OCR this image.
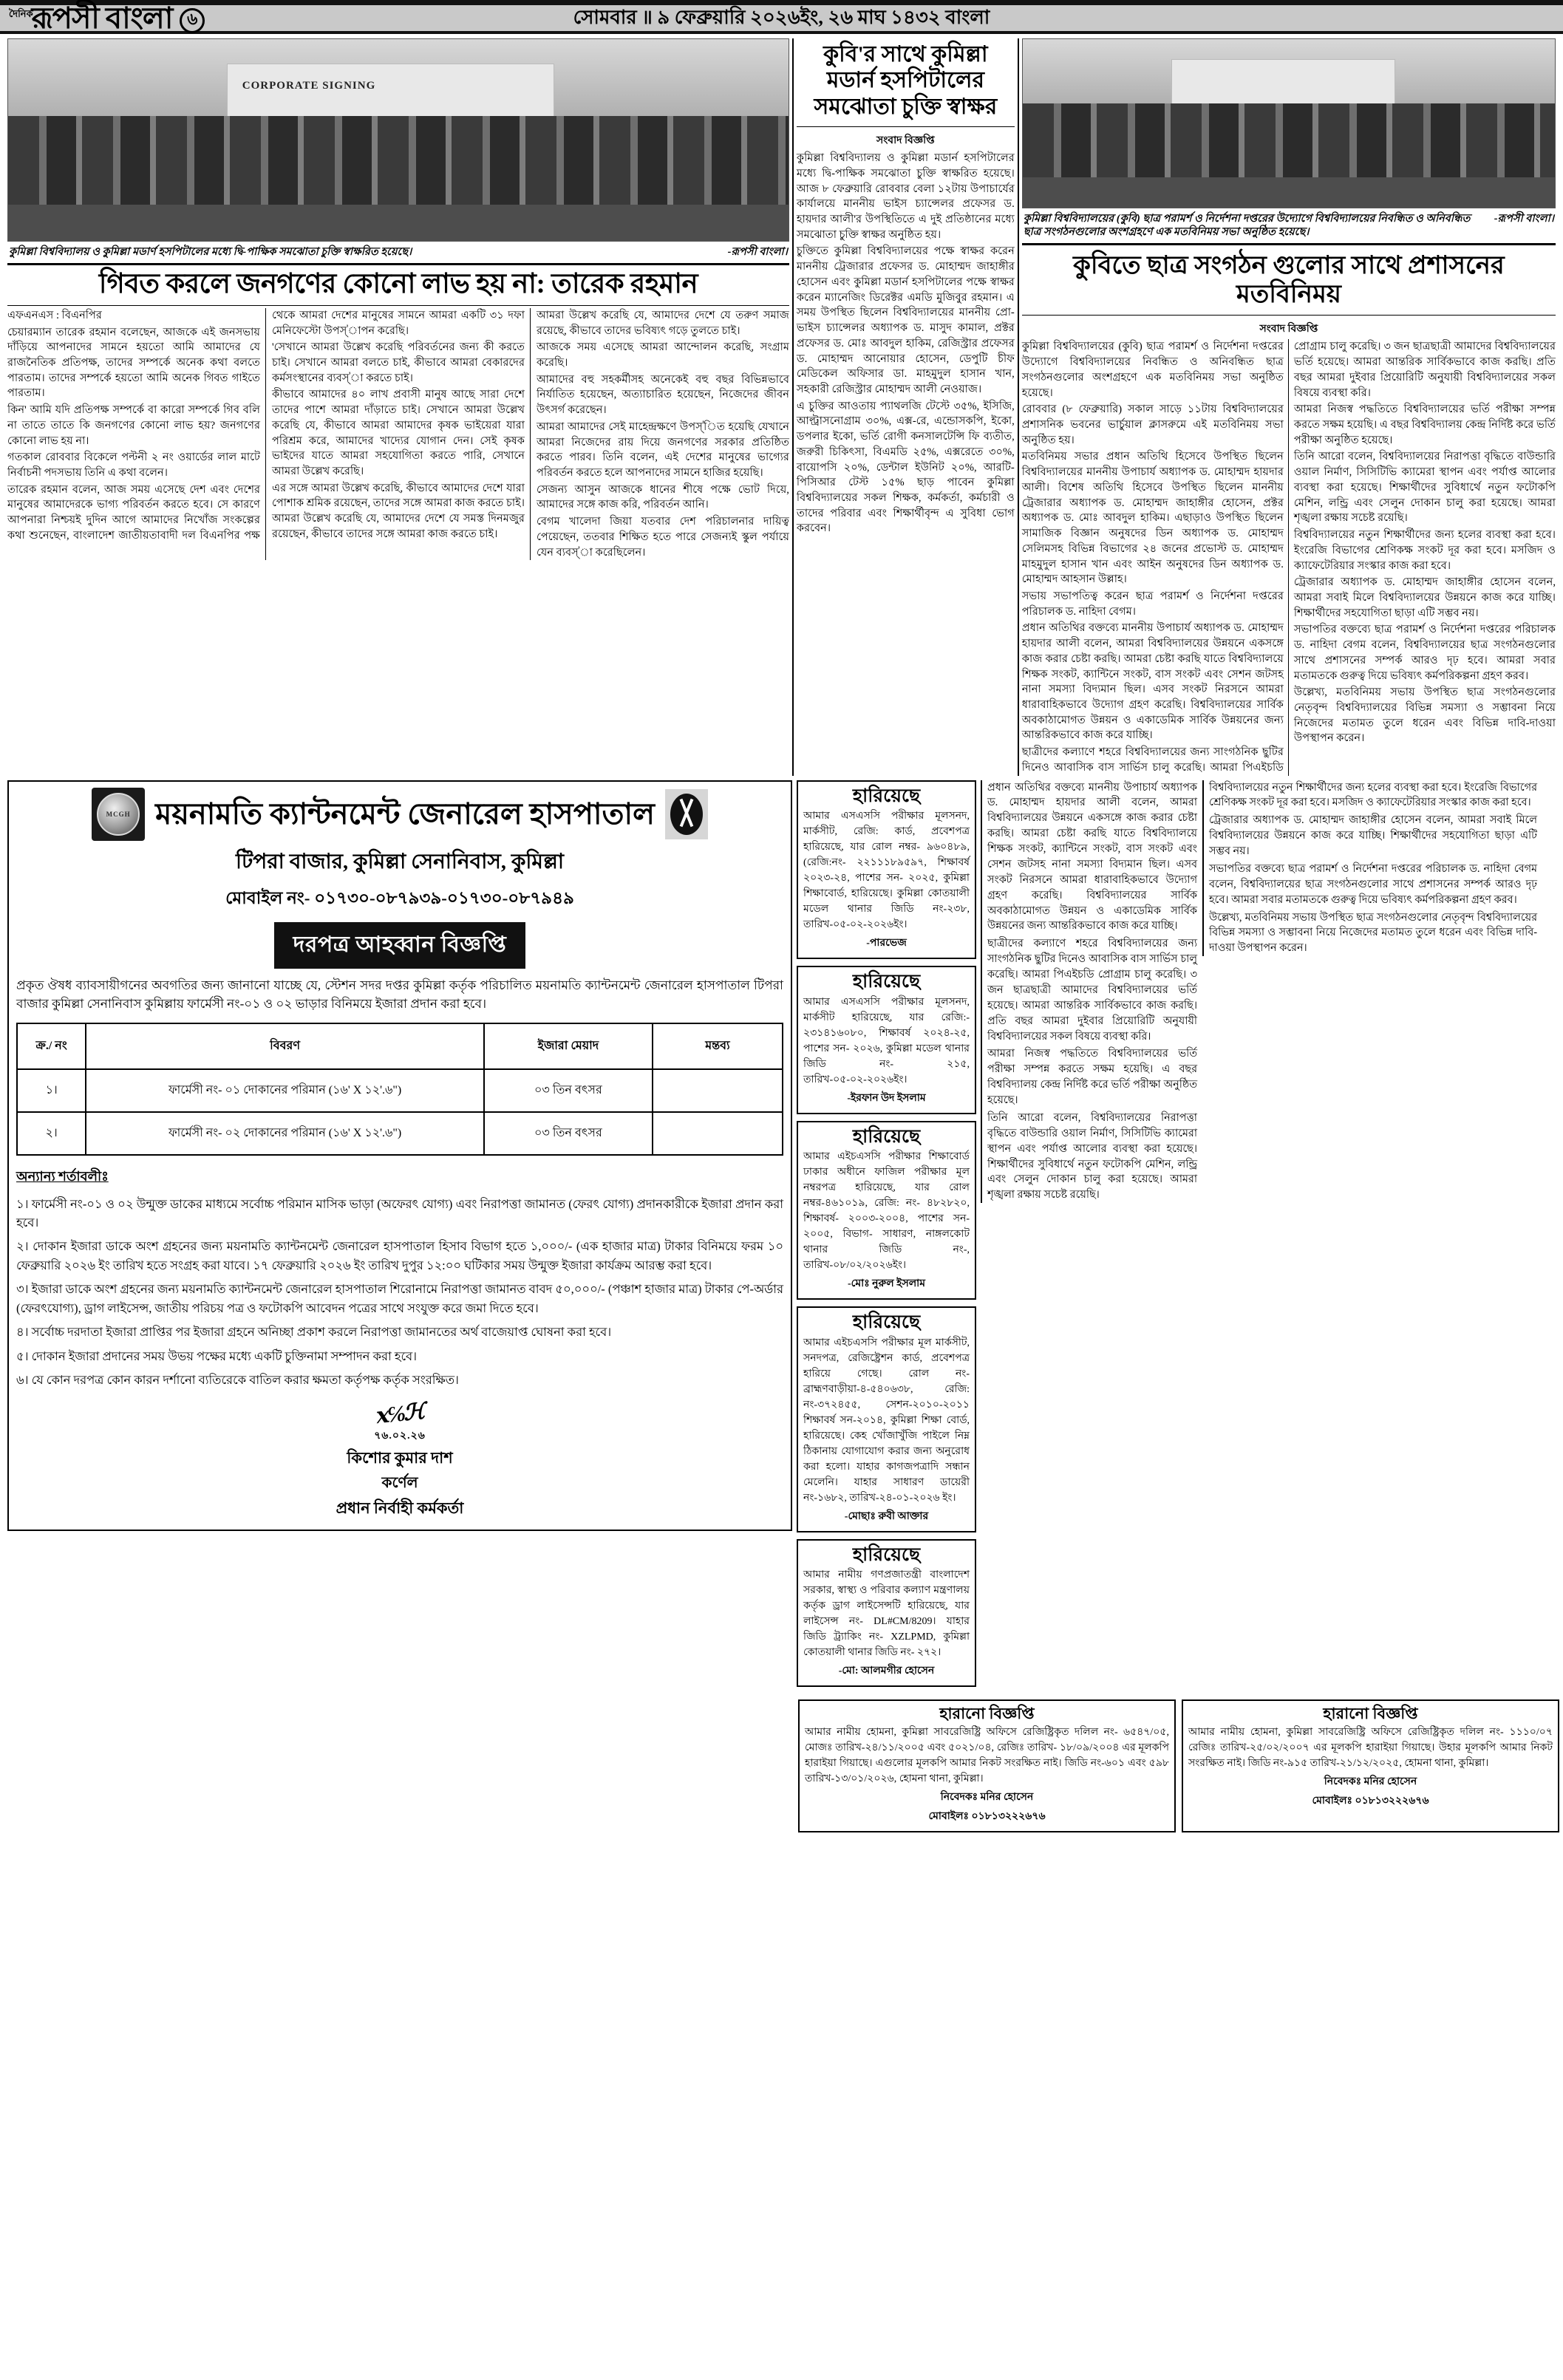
দৈনিক
রূপসী বাংলা ৬	সোমবার ॥ ৯ ফেব্রুয়ারি ২০২৬ইং, ২৬ মাঘ ১৪৩২ বাংলা
CORPORATE SIGNING
কুমিল্লা বিশ্ববিদ্যালয় ও কুমিল্লা মডার্ণ হসপিটালের মধ্যে দ্বি-পাক্ষিক সমঝোতা চুক্তি স্বাক্ষরিত হয়েছে।	-রূপসী বাংলা।
গিবত করলে জনগণের কোনো লাভ হয় না: তারেক রহমান

এফএনএস : বিএনপির

চেয়ারম্যান তারেক রহমান বলেছেন, আজকে এই জনসভায় দাঁড়িয়ে আপনাদের সামনে হয়তো আমি আমাদের যে রাজনৈতিক প্রতিপক্ষ, তাদের সম্পর্কে অনেক কথা বলতে পারতাম। তাদের সম্পর্কে হয়তো আমি অনেক গিবত গাইতে পারতাম।

কিন' আমি যদি প্রতিপক্ষ সম্পর্কে বা কারো সম্পর্কে গিব বলি না তাতে তাতে কি জনগণের কোনো লাভ হয়? জনগণের কোনো লাভ হয় না।

গতকাল রোববার বিকেলে পল্টনী ২ নং ওয়ার্ডের লাল মাটে নির্বাচনী পদসভায় তিনি এ কথা বলেন।

তারেক রহমান বলেন, আজ সময় এসেছে দেশ এবং দেশের মানুষের আমাদেরকে ভাগ্য পরিবর্তন করতে হবে। সে কারণে আপনারা নিশ্চয়ই দুদিন আগে আমাদের নিখোঁজ সংকল্পের কথা শুনেছেন, বাংলাদেশ জাতীয়তাবাদী দল বিএনপির পক্ষ থেকে আমরা দেশের মানুষের সামনে আমরা একটি ৩১ দফা মেনিফেস্টো উপস্'াপন করেছি।

'সেখানে আমরা উল্লেখ করেছি পরিবর্তনের জন্য কী করতে চাই। সেখানে আমরা বলতে চাই, কীভাবে আমরা বেকারদের কর্মসংস্থানের ব্যবস্'া করতে চাই।

কীভাবে আমাদের ৪০ লাখ প্রবাসী মানুষ আছে সারা দেশে তাদের পাশে আমরা দাঁড়াতে চাই। সেখানে আমরা উল্লেখ করেছি যে, কীভাবে আমরা আমাদের কৃষক ভাইয়েরা যারা পরিশ্রম করে, আমাদের খাদ্যের যোগান দেন। সেই কৃষক ভাইদের যাতে আমরা সহযোগিতা করতে পারি, সেখানে আমরা উল্লেখ করেছি।

এর সঙ্গে আমরা উল্লেখ করেছি, কীভাবে আমাদের দেশে যারা পোশাক শ্রমিক রয়েছেন, তাদের সঙ্গে আমরা কাজ করতে চাই। আমরা উল্লেখ করেছি যে, আমাদের দেশে যে সমস্ত দিনমজুর রয়েছেন, কীভাবে তাদের সঙ্গে আমরা কাজ করতে চাই।

আমরা উল্লেখ করেছি যে, আমাদের দেশে যে তরুণ সমাজ রয়েছে, কীভাবে তাদের ভবিষ্যৎ গড়ে তুলতে চাই।

আজকে সময় এসেছে আমরা আন্দোলন করেছি, সংগ্রাম করেছি।

আমাদের বহু সহকর্মীসহ অনেকেই বহু বছর বিভিন্নভাবে নির্যাতিত হয়েছেন, অত্যাচারিত হয়েছেন, নিজেদের জীবন উৎসর্গ করেছেন।

আমরা আমাদের সেই মাহেন্দ্রক্ষণে উপস্'িত হয়েছি যেখানে আমরা নিজেদের রায় দিয়ে জনগণের সরকার প্রতিষ্ঠিত করতে পারব। তিনি বলেন, এই দেশের মানুষের ভাগ্যের পরিবর্তন করতে হলে আপনাদের সামনে হাজির হয়েছি।

সেজন্য আসুন আজকে ধানের শীষে পক্ষে ভোট দিয়ে, আমাদের সঙ্গে কাজ করি, পরিবর্তন আনি।

বেগম খালেদা জিয়া যতবার দেশ পরিচালনার দায়িত্ব পেয়েছেন, ততবার শিক্ষিত হতে পারে সেজন্যই স্কুল পর্যায়ে যেন ব্যবস্'া করেছিলেন।

কুবি'র সাথে কুমিল্লা মডার্ন হসপিটালের সমঝোতা চুক্তি স্বাক্ষর
সংবাদ বিজ্ঞপ্তি

কুমিল্লা বিশ্ববিদ্যালয় ও কুমিল্লা মডার্ন হসপিটালের মধ্যে দ্বি-পাক্ষিক সমঝোতা চুক্তি স্বাক্ষরিত হয়েছে। আজ ৮ ফেব্রুয়ারি রোববার বেলা ১২টায় উপাচার্যের কার্যালয়ে মাননীয় ভাইস চ্যান্সেলর প্রফেসর ড. হায়দার আলী'র উপস্থিতিতে এ দুই প্রতিষ্ঠানের মধ্যে সমঝোতা চুক্তি স্বাক্ষর অনুষ্ঠিত হয়।

চুক্তিতে কুমিল্লা বিশ্ববিদ্যালয়ের পক্ষে স্বাক্ষর করেন মাননীয় ট্রেজারার প্রফেসর ড. মোহাম্মদ জাহাঙ্গীর হোসেন এবং কুমিল্লা মডার্ন হসপিটালের পক্ষে স্বাক্ষর করেন ম্যানেজিং ডিরেক্টর এমডি মুজিবুর রহমান। এ সময় উপস্থিত ছিলেন বিশ্ববিদ্যালয়ের মাননীয় প্রো-ভাইস চ্যান্সেলর অধ্যাপক ড. মাসুদ কামাল, প্রক্টর প্রফেসর ড. মোঃ আবদুল হাকিম, রেজিস্ট্রার প্রফেসর ড. মোহাম্মদ আনোয়ার হোসেন, ডেপুটি চীফ মেডিকেল অফিসার ডা. মাহমুদুল হাসান খান, সহকারী রেজিস্ট্রার মোহাম্মদ আলী নেওয়াজ।

এ চুক্তির আওতায় প্যাথলজি টেস্টে ৩৫%, ইসিজি, আল্ট্রাসনোগ্রাম ৩০%, এক্স-রে, এন্ডোসকপি, ইকো, ডপলার ইকো, ভর্তি রোগী কনসালটেন্সি ফি ব্যতীত, জরুরী চিকিৎসা, বিএমডি ২৫%, এক্সরেতে ৩০%, বায়োপসি ২০%, ডেন্টাল ইউনিট ২০%, আরটি-পিসিআর টেস্ট ১৫% ছাড় পাবেন কুমিল্লা বিশ্ববিদ্যালয়ের সকল শিক্ষক, কর্মকর্তা, কর্মচারী ও তাদের পরিবার এবং শিক্ষার্থীবৃন্দ এ সুবিধা ভোগ করবেন।

কুমিল্লা বিশ্ববিদ্যালয়ের (কুবি) ছাত্র পরামর্শ ও নির্দেশনা দপ্তরের উদ্যোগে বিশ্ববিদ্যালয়ের নিবন্ধিত ও অনিবন্ধিত ছাত্র সংগঠনগুলোর অংশগ্রহণে এক মতবিনিময় সভা অনুষ্ঠিত হয়েছে।
-রূপসী বাংলা।
কুবিতে ছাত্র সংগঠন গুলোর সাথে প্রশাসনের মতবিনিময়
সংবাদ বিজ্ঞপ্তি

কুমিল্লা বিশ্ববিদ্যালয়ের (কুবি) ছাত্র পরামর্শ ও নির্দেশনা দপ্তরের উদ্যোগে বিশ্ববিদ্যালয়ের নিবন্ধিত ও অনিবন্ধিত ছাত্র সংগঠনগুলোর অংশগ্রহণে এক মতবিনিময় সভা অনুষ্ঠিত হয়েছে।

রোববার (৮ ফেব্রুয়ারি) সকাল সাড়ে ১১টায় বিশ্ববিদ্যালয়ের প্রশাসনিক ভবনের ভার্চুয়াল ক্লাসরুমে এই মতবিনিময় সভা অনুষ্ঠিত হয়।

মতবিনিময় সভার প্রধান অতিথি হিসেবে উপস্থিত ছিলেন বিশ্ববিদ্যালয়ের মাননীয় উপাচার্য অধ্যাপক ড. মোহাম্মদ হায়দার আলী। বিশেষ অতিথি হিসেবে উপস্থিত ছিলেন মাননীয় ট্রেজারার অধ্যাপক ড. মোহাম্মদ জাহাঙ্গীর হোসেন, প্রক্টর অধ্যাপক ড. মোঃ আবদুল হাকিম। এছাড়াও উপস্থিত ছিলেন সামাজিক বিজ্ঞান অনুষদের ডিন অধ্যাপক ড. মোহাম্মদ সেলিমসহ বিভিন্ন বিভাগের ২৪ জনের প্রভোস্ট ড. মোহাম্মদ মাহমুদুল হাসান খান এবং আইন অনুষদের ডিন অধ্যাপক ড. মোহাম্মদ আহসান উল্লাহ।

সভায় সভাপতিত্ব করেন ছাত্র পরামর্শ ও নির্দেশনা দপ্তরের পরিচালক ড. নাহিদা বেগম।

প্রধান অতিথির বক্তব্যে মাননীয় উপাচার্য অধ্যাপক ড. মোহাম্মদ হায়দার আলী বলেন, আমরা বিশ্ববিদ্যালয়ের উন্নয়নে একসঙ্গে কাজ করার চেষ্টা করছি। আমরা চেষ্টা করছি যাতে বিশ্ববিদ্যালয়ে শিক্ষক সংকট, ক্যান্টিনে সংকট, বাস সংকট এবং সেশন জটসহ নানা সমস্যা বিদ্যমান ছিল। এসব সংকট নিরসনে আমরা ধারাবাহিকভাবে উদ্যোগ গ্রহণ করেছি। বিশ্ববিদ্যালয়ের সার্বিক অবকাঠামোগত উন্নয়ন ও একাডেমিক সার্বিক উন্নয়নের জন্য আন্তরিকভাবে কাজ করে যাচ্ছি।

ছাত্রীদের কল্যাণে শহরে বিশ্ববিদ্যালয়ের জন্য সাংগঠনিক ছুটির দিনেও আবাসিক বাস সার্ভিস চালু করেছি। আমরা পিএইচডি প্রোগ্রাম চালু করেছি। ৩ জন ছাত্রছাত্রী আমাদের বিশ্ববিদ্যালয়ের ভর্তি হয়েছে। আমরা আন্তরিক সার্বিকভাবে কাজ করছি। প্রতি বছর আমরা দুইবার প্রিয়োরিটি অনুযায়ী বিশ্ববিদ্যালয়ের সকল বিষয়ে ব্যবস্থা করি।

আমরা নিজস্ব পদ্ধতিতে বিশ্ববিদ্যালয়ের ভর্তি পরীক্ষা সম্পন্ন করতে সক্ষম হয়েছি। এ বছর বিশ্ববিদ্যালয় কেন্দ্র নির্দিষ্ট করে ভর্তি পরীক্ষা অনুষ্ঠিত হয়েছে।

তিনি আরো বলেন, বিশ্ববিদ্যালয়ের নিরাপত্তা বৃদ্ধিতে বাউন্ডারি ওয়াল নির্মাণ, সিসিটিভি ক্যামেরা স্থাপন এবং পর্যাপ্ত আলোর ব্যবস্থা করা হয়েছে। শিক্ষার্থীদের সুবিধার্থে নতুন ফটোকপি মেশিন, লন্ড্রি এবং সেলুন দোকান চালু করা হয়েছে। আমরা শৃঙ্খলা রক্ষায় সচেষ্ট রয়েছি।

বিশ্ববিদ্যালয়ের নতুন শিক্ষার্থীদের জন্য হলের ব্যবস্থা করা হবে। ইংরেজি বিভাগের শ্রেণিকক্ষ সংকট দূর করা হবে। মসজিদ ও ক্যাফেটেরিয়ার সংস্কার কাজ করা হবে।

ট্রেজারার অধ্যাপক ড. মোহাম্মদ জাহাঙ্গীর হোসেন বলেন, আমরা সবাই মিলে বিশ্ববিদ্যালয়ের উন্নয়নে কাজ করে যাচ্ছি। শিক্ষার্থীদের সহযোগিতা ছাড়া এটি সম্ভব নয়।

সভাপতির বক্তব্যে ছাত্র পরামর্শ ও নির্দেশনা দপ্তরের পরিচালক ড. নাহিদা বেগম বলেন, বিশ্ববিদ্যালয়ের ছাত্র সংগঠনগুলোর সাথে প্রশাসনের সম্পর্ক আরও দৃঢ় হবে। আমরা সবার মতামতকে গুরুত্ব দিয়ে ভবিষ্যৎ কর্মপরিকল্পনা গ্রহণ করব।

উল্লেখ্য, মতবিনিময় সভায় উপস্থিত ছাত্র সংগঠনগুলোর নেতৃবৃন্দ বিশ্ববিদ্যালয়ের বিভিন্ন সমস্যা ও সম্ভাবনা নিয়ে নিজেদের মতামত তুলে ধরেন এবং বিভিন্ন দাবি-দাওয়া উপস্থাপন করেন।

MCGH ময়নামতি ক্যান্টনমেন্ট জেনারেল হাসপাতাল
টিপরা বাজার, কুমিল্লা সেনানিবাস, কুমিল্লা
মোবাইল নং- ০১৭৩০-০৮৭৯৩৯-০১৭৩০-০৮৭৯৪৯
দরপত্র আহব্বান বিজ্ঞপ্তি

প্রকৃত ঔষধ ব্যাবসায়ীগনের অবগতির জন্য জানানো যাচ্ছে যে, স্টেশন সদর দপ্তর কুমিল্লা কর্তৃক পরিচালিত ময়নামতি ক্যান্টনমেন্ট জেনারেল হাসপাতাল টিপরা বাজার কুমিল্লা সেনানিবাস কুমিল্লায় ফার্মেসী নং-০১ ও ০২ ভাড়ার বিনিময়ে ইজারা প্রদান করা হবে।

ক্র./ নং	বিবরণ	ইজারা মেয়াদ	মন্তব্য
১।	ফার্মেসী নং- ০১ দোকানের পরিমান (১৬' X ১২'.৬")	০৩ তিন বৎসর	
২।	ফার্মেসী নং- ০২ দোকানের পরিমান (১৬' X ১২'.৬")	০৩ তিন বৎসর	
অন্যান্য শর্তাবলীঃ

১। ফার্মেসী নং-০১ ও ০২ উন্মুক্ত ডাকের মাধ্যমে সর্বোচ্চ পরিমান মাসিক ভাড়া (অফেরৎ যোগ্য) এবং নিরাপত্তা জামানত (ফেরৎ যোগ্য) প্রদানকারীকে ইজারা প্রদান করা হবে।

২। দোকান ইজারা ডাকে অংশ গ্রহনের জন্য ময়নামতি ক্যান্টনমেন্ট জেনারেল হাসপাতাল হিসাব বিভাগ হতে ১,০০০/- (এক হাজার মাত্র) টাকার বিনিময়ে ফরম ১০ ফেব্রুয়ারি ২০২৬ ইং তারিখ হতে সংগ্রহ করা যাবে। ১৭ ফেব্রুয়ারি ২০২৬ ইং তারিখ দুপুর ১২:০০ ঘটিকার সময় উন্মুক্ত ইজারা কার্যক্রম আরম্ভ করা হবে।

৩। ইজারা ডাকে অংশ গ্রহনের জন্য ময়নামতি ক্যান্টনমেন্ট জেনারেল হাসপাতাল শিরোনামে নিরাপত্তা জামানত বাবদ ৫০,০০০/- (পঞ্চাশ হাজার মাত্র) টাকার পে-অর্ডার (ফেরৎযোগ্য), ড্রাগ লাইসেন্স, জাতীয় পরিচয় পত্র ও ফটোকপি আবেদন পত্রের সাথে সংযুক্ত করে জমা দিতে হবে।

৪। সর্বোচ্চ দরদাতা ইজারা প্রাপ্তির পর ইজারা গ্রহনে অনিচ্ছা প্রকাশ করলে নিরাপত্তা জামানতের অর্থ বাজেয়াপ্ত ঘোষনা করা হবে।

৫। দোকান ইজারা প্রদানের সময় উভয় পক্ষের মধ্যে একটি চুক্তিনামা সম্পাদন করা হবে।

৬। যে কোন দরপত্র কোন কারন দর্শানো ব্যতিরেকে বাতিল করার ক্ষমতা কর্তৃপক্ষ কর্তৃক সংরক্ষিত।

x℅ℋ
৭৬.০২.২৬
কিশোর কুমার দাশ
কর্ণেল
প্রধান নির্বাহী কর্মকর্তা
হারিয়েছে
আমার এসএসসি পরীক্ষার মূলসনদ, মার্কসীট, রেজি: কার্ড, প্রবেশপত্র হারিয়েছে, যার রোল নম্বর- ৯৬০৪৮৯, (রেজি:নং- ২২১১১৮৯৫৯৭, শিক্ষাবর্ষ ২০২৩-২৪, পাশের সন- ২০২৫, কুমিল্লা শিক্ষাবোর্ড, হারিয়েছে। কুমিল্লা কোতয়ালী মডেল থানার জিডি নং-২৩৮, তারিখ-০৫-০২-২০২৬ইং।
-পারভেজ
হারিয়েছে
আমার এসএসসি পরীক্ষার মূলসনদ, মার্কসীট হারিয়েছে, যার রেজি:- ২৩১৪১৬০৮০, শিক্ষাবর্ষ ২০২৪-২৫, পাশের সন- ২০২৬, কুমিল্লা মডেল থানার জিডি নং- ২১৫, তারিখ-০৫-০২-২০২৬ইং।
-ইরফান উদ ইসলাম
হারিয়েছে
আমার এইচএসসি পরীক্ষার শিক্ষাবোর্ড ঢাকার অধীনে ফাজিল পরীক্ষার মূল নম্বরপত্র হারিয়েছে, যার রোল নম্বর-৪৬১০১৯, রেজি: নং- ৪৮২৮২০, শিক্ষাবর্ষ- ২০০৩-২০০৪, পাশের সন- ২০০৫, বিভাগ- সাধারণ, নাঙ্গলকোট থানার জিডি নং-, তারিখ-০৮/০২/২০২৬ইং।
-মোঃ নুরুল ইসলাম
হারিয়েছে
আমার এইচএসসি পরীক্ষার মূল মার্কসীট, সনদপত্র, রেজিষ্ট্রেশন কার্ড, প্রবেশপত্র হারিয়ে গেছে। রোল নং- ব্রাহ্মণবাড়ীয়া-৪-৫৪০৬৩৮, রেজি: নং-৩৭২৪৫৫, সেশন-২০১০-২০১১ শিক্ষাবর্ষ সন-২০১৪, কুমিল্লা শিক্ষা বোর্ড, হারিয়েছে। কেহ খোঁজাখুঁজি পাইলে নিম্ন ঠিকানায় যোগাযোগ করার জন্য অনুরোধ করা হলো। যাহার কাগজপত্রাদি সন্ধান মেলেনি। যাহার সাধারণ ডায়েরী নং-১৬৮২, তারিখ-২৪-০১-২০২৬ ইং।
-মোছাঃ রুবী আক্তার
হারিয়েছে
আমার নামীয় গণপ্রজাতন্ত্রী বাংলাদেশ সরকার, স্বাস্থ্য ও পরিবার কল্যাণ মন্ত্রণালয় কর্তৃক ড্রাগ লাইসেন্সটি হারিয়েছে, যার লাইসেন্স নং- DL#CM/8209। যাহার জিডি ট্র্যাকিং নং- XZLPMD, কুমিল্লা কোতয়ালী থানার জিডি নং- ২৭২।
-মো: আলমগীর হোসেন

প্রধান অতিথির বক্তব্যে মাননীয় উপাচার্য অধ্যাপক ড. মোহাম্মদ হায়দার আলী বলেন, আমরা বিশ্ববিদ্যালয়ের উন্নয়নে একসঙ্গে কাজ করার চেষ্টা করছি। আমরা চেষ্টা করছি যাতে বিশ্ববিদ্যালয়ে শিক্ষক সংকট, ক্যান্টিনে সংকট, বাস সংকট এবং সেশন জটসহ নানা সমস্যা বিদ্যমান ছিল। এসব সংকট নিরসনে আমরা ধারাবাহিকভাবে উদ্যোগ গ্রহণ করেছি। বিশ্ববিদ্যালয়ের সার্বিক অবকাঠামোগত উন্নয়ন ও একাডেমিক সার্বিক উন্নয়নের জন্য আন্তরিকভাবে কাজ করে যাচ্ছি।

ছাত্রীদের কল্যাণে শহরে বিশ্ববিদ্যালয়ের জন্য সাংগঠনিক ছুটির দিনেও আবাসিক বাস সার্ভিস চালু করেছি। আমরা পিএইচডি প্রোগ্রাম চালু করেছি। ৩ জন ছাত্রছাত্রী আমাদের বিশ্ববিদ্যালয়ের ভর্তি হয়েছে। আমরা আন্তরিক সার্বিকভাবে কাজ করছি। প্রতি বছর আমরা দুইবার প্রিয়োরিটি অনুযায়ী বিশ্ববিদ্যালয়ের সকল বিষয়ে ব্যবস্থা করি।

আমরা নিজস্ব পদ্ধতিতে বিশ্ববিদ্যালয়ের ভর্তি পরীক্ষা সম্পন্ন করতে সক্ষম হয়েছি। এ বছর বিশ্ববিদ্যালয় কেন্দ্র নির্দিষ্ট করে ভর্তি পরীক্ষা অনুষ্ঠিত হয়েছে।

তিনি আরো বলেন, বিশ্ববিদ্যালয়ের নিরাপত্তা বৃদ্ধিতে বাউন্ডারি ওয়াল নির্মাণ, সিসিটিভি ক্যামেরা স্থাপন এবং পর্যাপ্ত আলোর ব্যবস্থা করা হয়েছে। শিক্ষার্থীদের সুবিধার্থে নতুন ফটোকপি মেশিন, লন্ড্রি এবং সেলুন দোকান চালু করা হয়েছে। আমরা শৃঙ্খলা রক্ষায় সচেষ্ট রয়েছি।

বিশ্ববিদ্যালয়ের নতুন শিক্ষার্থীদের জন্য হলের ব্যবস্থা করা হবে। ইংরেজি বিভাগের শ্রেণিকক্ষ সংকট দূর করা হবে। মসজিদ ও ক্যাফেটেরিয়ার সংস্কার কাজ করা হবে।

ট্রেজারার অধ্যাপক ড. মোহাম্মদ জাহাঙ্গীর হোসেন বলেন, আমরা সবাই মিলে বিশ্ববিদ্যালয়ের উন্নয়নে কাজ করে যাচ্ছি। শিক্ষার্থীদের সহযোগিতা ছাড়া এটি সম্ভব নয়।

সভাপতির বক্তব্যে ছাত্র পরামর্শ ও নির্দেশনা দপ্তরের পরিচালক ড. নাহিদা বেগম বলেন, বিশ্ববিদ্যালয়ের ছাত্র সংগঠনগুলোর সাথে প্রশাসনের সম্পর্ক আরও দৃঢ় হবে। আমরা সবার মতামতকে গুরুত্ব দিয়ে ভবিষ্যৎ কর্মপরিকল্পনা গ্রহণ করব।

উল্লেখ্য, মতবিনিময় সভায় উপস্থিত ছাত্র সংগঠনগুলোর নেতৃবৃন্দ বিশ্ববিদ্যালয়ের বিভিন্ন সমস্যা ও সম্ভাবনা নিয়ে নিজেদের মতামত তুলে ধরেন এবং বিভিন্ন দাবি-দাওয়া উপস্থাপন করেন।

হারানো বিজ্ঞপ্তি
আমার নামীয় হোমনা, কুমিল্লা সাবরেজিষ্ট্রি অফিসে রেজিষ্ট্রিকৃত দলিল নং- ৬৫৪৭/০৫, মোজঃ তারিখ-২৪/১১/২০০৫ এবং ৫০২১/০৪, রেজিঃ তারিখ- ১৮/০৯/২০০৪ এর মূলকপি হারাইয়া গিয়াছে। এগুলোর মূলকপি আমার নিকট সংরক্ষিত নাই। জিডি নং-৬০১ এবং ৫৯৮ তারিখ-১৩/০১/২০২৬, হোমনা থানা, কুমিল্লা।
নিবেদকঃ মনির হোসেন
মোবাইলঃ ০১৮১৩২২২৬৭৬
হারানো বিজ্ঞপ্তি
আমার নামীয় হোমনা, কুমিল্লা সাবরেজিষ্ট্রি অফিসে রেজিষ্ট্রিকৃত দলিল নং- ১১১০/০৭ রেজিঃ তারিখ-২৫/০২/২০০৭ এর মূলকপি হারাইয়া গিয়াছে। উহার মূলকপি আমার নিকট সংরক্ষিত নাই। জিডি নং-৯১৫ তারিখ-২১/১২/২০২৫, হোমনা থানা, কুমিল্লা।
নিবেদকঃ মনির হোসেন
মোবাইলঃ ০১৮১৩২২২৬৭৬
